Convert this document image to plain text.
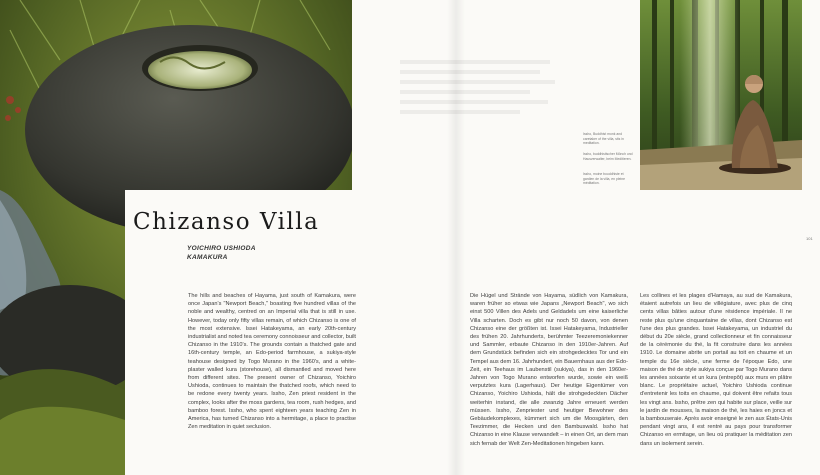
Chizanso Villa
YOICHIRO USHIODA
KAMAKURA
The hills and beaches of Hayama, just south of Kamakura, were once Japan's "Newport Beach," boasting five hundred villas of the noble and wealthy, centred on an Imperial villa that is still in use. However, today only fifty villas remain, of which Chizanso is one of the most extensive. Issei Hatakeyama, an early 20th-century industrialist and noted tea ceremony connoisseur and collector, built Chizanso in the 1910's. The grounds contain a thatched gate and 16th-century temple, an Edo-period farmhouse, a sukiya-style teahouse designed by Togo Murano in the 1960's, and a white-plaster walled kura (storehouse), all dismantled and moved here from different sites. The present owner of Chizanso, Yoichiro Ushioda, continues to maintain the thatched roofs, which need to be redone every twenty years. Issho, Zen priest resident in the complex, looks after the moss gardens, tea room, rush hedges, and bamboo forest. Issho, who spent eighteen years teaching Zen in America, has turned Chizanso into a hermitage, a place to practise Zen meditation in quiet seclusion.
Die Hügel und Strände von Hayama, südlich von Kamakura, waren früher so etwas wie Japans „Newport Beach", wo sich einst 500 Villen des Adels und Geldadels um eine kaiserliche Villa scharten. Doch es gibt nur noch 50 davon, von denen Chizanso eine der größten ist. Issei Hatakeyama, Industrieller des frühen 20. Jahrhunderts, berühmter Teezeremoniekenner und Sammler, erbaute Chizanso in den 1910er-Jahren. Auf dem Grundstück befinden sich ein strohgedecktes Tor und ein Tempel aus dem 16. Jahrhundert, ein Bauernhaus aus der Edo-Zeit, ein Teehaus im Laubenstil (sukiya), das in den 1960er-Jahren von Togo Murano entworfen wurde, sowie ein weiß verputztes kura (Lagerhaus). Der heutige Eigentümer von Chizanso, Yoichiro Ushioda, hält die strohgedeckten Dächer weiterhin instand, die alle zwanzig Jahre erneuert werden müssen. Issho, Zenpriester und heutiger Bewohner des Gebäudekomplexes, kümmert sich um die Moosgärten, den Teezimmer, die Hecken und den Bambuswald. Issho hat Chizanso in eine Klause verwandelt – in einen Ort, an dem man sich fernab der Welt Zen-Meditationen hingeben kann.
Les collines et les plages d'Hamaya, au sud de Kamakura, étaient autrefois un lieu de villégiature, avec plus de cinq cents villas bâties autour d'une résidence impériale. Il ne reste plus qu'une cinquantaine de villas, dont Chizanso est l'une des plus grandes. Issei Hatakeyama, un industriel du début du 20e siècle, grand collectionneur et fin connaisseur de la cérémonie du thé, la fit construire dans les années 1910. Le domaine abrite un portail au toit en chaume et un temple du 16e siècle, une ferme de l'époque Edo, une maison de thé de style sukiya conçue par Togo Murano dans les années soixante et un kura (entrepôt) aux murs en plâtre blanc. Le propriétaire actuel, Yoichiro Ushioda continue d'entretenir les toits en chaume, qui doivent être refaits tous les vingt ans. Issho, prêtre zen qui habite sur place, veille sur le jardin de mousses, la maison de thé, les haies en joncs et la bambouseraie. Après avoir enseigné le zen aux États-Unis pendant vingt ans, il est rentré au pays pour transformer Chizanso en ermitage, un lieu où pratiquer la méditation zen dans un isolement serein.
Issho, Buddhist monk and caretaker of the villa, sits in meditation.
Issho, buddhistischer Mönch und Hausverwalter, beim Meditieren.
Issho, moine bouddhiste et gardien de la villa, en pleine méditation.
101
